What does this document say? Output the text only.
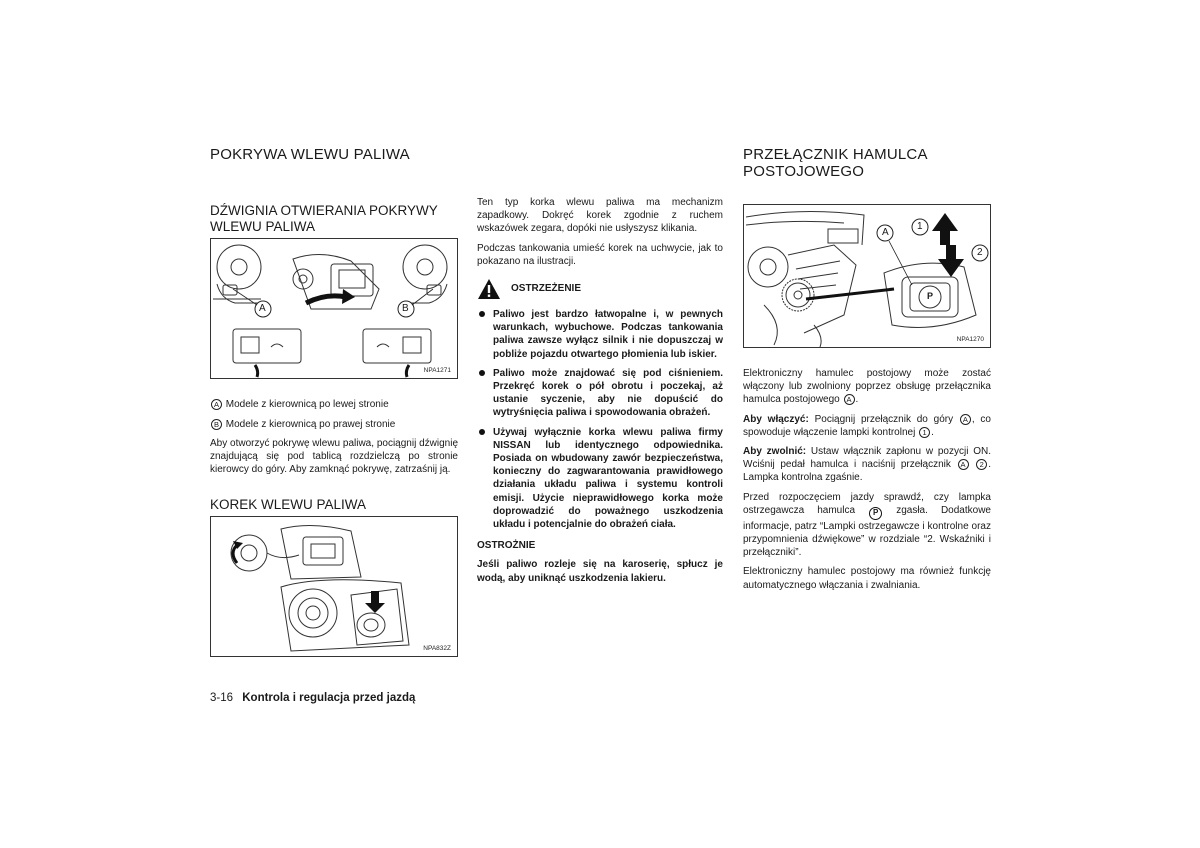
POKRYWA WLEWU PALIWA
DŹWIGNIA OTWIERANIA POKRYWY
WLEWU PALIWA
A	B
NPA1271
A Modele z kierownicą po lewej stronie
B Modele z kierownicą po prawej stronie
Aby otworzyć pokrywę wlewu paliwa, pociągnij dźwignię znajdującą się pod tablicą rozdzielczą po stronie kierowcy do góry. Aby zamknąć pokrywę, zatrzaśnij ją.
KOREK WLEWU PALIWA
NPA832Z

Ten typ korka wlewu paliwa ma mechanizm zapadkowy. Dokręć korek zgodnie z ruchem wskazówek zegara, dopóki nie usłyszysz klikania.

Podczas tankowania umieść korek na uchwycie, jak to pokazano na ilustracji.

OSTRZEŻENIE
Paliwo jest bardzo łatwopalne i, w pewnych warunkach, wybuchowe. Podczas tankowania paliwa zawsze wyłącz silnik i nie dopuszczaj w pobliże pojazdu otwartego płomienia lub iskier.
Paliwo może znajdować się pod ciśnieniem. Przekręć korek o pół obrotu i poczekaj, aż ustanie syczenie, aby nie dopuścić do wytryśnięcia paliwa i spowodowania obrażeń.
Używaj wyłącznie korka wlewu paliwa firmy NISSAN lub identycznego odpowiednika. Posiada on wbudowany zawór bezpieczeństwa, konieczny do zagwarantowania prawidłowego działania układu paliwa i systemu kontroli emisji. Użycie nieprawidłowego korka może doprowadzić do poważnego uszkodzenia układu i potencjalnie do obrażeń ciała.

OSTROŻNIE

Jeśli paliwo rozleje się na karoserię, spłucz je wodą, aby uniknąć uszkodzenia lakieru.

PRZEŁĄCZNIK HAMULCA
POSTOJOWEGO
A
1
2
P
NPA1270

Elektroniczny hamulec postojowy może zostać włączony lub zwolniony poprzez obsługę przełącznika hamulca postojowego A .

Aby włączyć: Pociągnij przełącznik do góry A , co spowoduje włączenie lampki kontrolnej 1 .

Aby zwolnić: Ustaw włącznik zapłonu w pozycji ON. Wciśnij pedał hamulca i naciśnij przełącznik A 2 . Lampka kontrolna zgaśnie.

Przed rozpoczęciem jazdy sprawdź, czy lampka ostrzegawcza hamulca P zgasła. Dodatkowe informacje, patrz “Lampki ostrzegawcze i kontrolne oraz przypomnienia dźwiękowe” w rozdziale “2. Wskaźniki i przełączniki”.

Elektroniczny hamulec postojowy ma również funkcję automatycznego włączania i zwalniania.

3-16 Kontrola i regulacja przed jazdą
